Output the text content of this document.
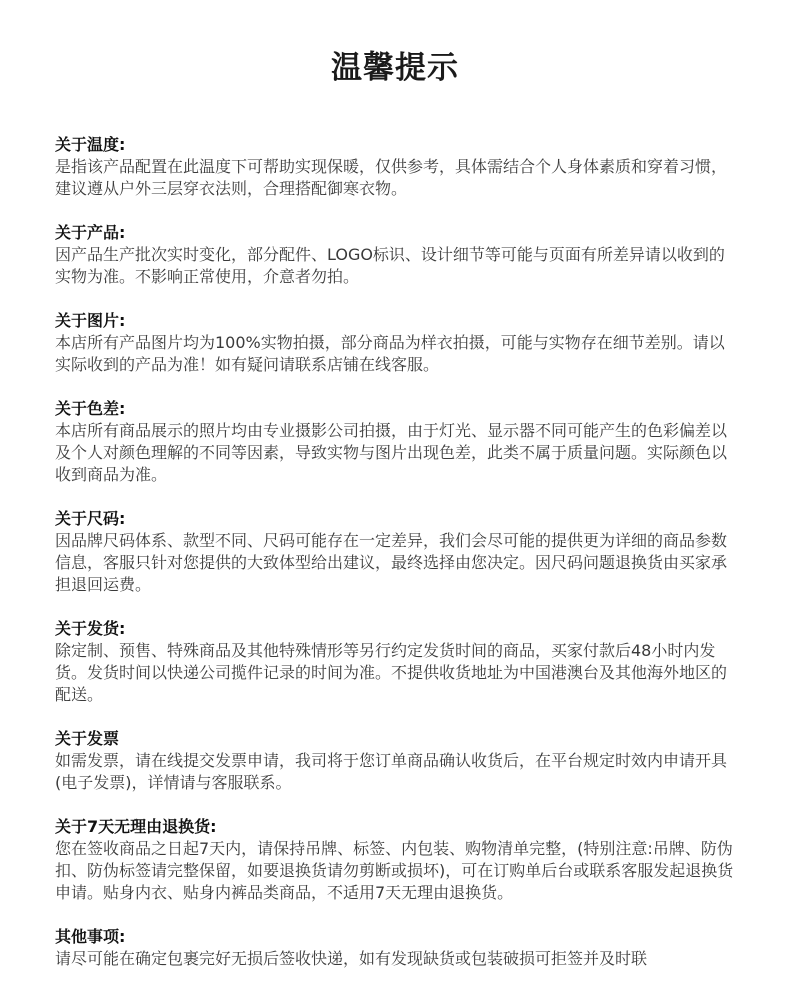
温馨提示
关于温度:

是指该产品配置在此温度下可帮助实现保暖，仅供参考，具体需结合个人身体素质和穿着习惯，建议遵从户外三层穿衣法则，合理搭配御寒衣物。

关于产品:

因产品生产批次实时变化，部分配件、LOGO标识、设计细节等可能与页面有所差异请以收到的实物为准。不影响正常使用，介意者勿拍。

关于图片:

本店所有产品图片均为100%实物拍摄，部分商品为样衣拍摄，可能与实物存在细节差别。请以实际收到的产品为准！如有疑问请联系店铺在线客服。

关于色差:

本店所有商品展示的照片均由专业摄影公司拍摄，由于灯光、显示器不同可能产生的色彩偏差以及个人对颜色理解的不同等因素，导致实物与图片出现色差，此类不属于质量问题。实际颜色以收到商品为准。

关于尺码:

因品牌尺码体系、款型不同、尺码可能存在一定差异，我们会尽可能的提供更为详细的商品参数信息，客服只针对您提供的大致体型给出建议，最终选择由您决定。因尺码问题退换货由买家承担退回运费。

关于发货:

除定制、预售、特殊商品及其他特殊情形等另行约定发货时间的商品，买家付款后48小时内发货。发货时间以快递公司揽件记录的时间为准。不提供收货地址为中国港澳台及其他海外地区的配送。

关于发票

如需发票，请在线提交发票申请，我司将于您订单商品确认收货后，在平台规定时效内申请开具(电子发票)，详情请与客服联系。

关于7天无理由退换货:

您在签收商品之日起7天内，请保持吊牌、标签、内包装、购物清单完整，(特别注意:吊牌、防伪扣、防伪标签请完整保留，如要退换货请勿剪断或损坏)，可在订购单后台或联系客服发起退换货申请。贴身内衣、贴身内裤品类商品，不适用7天无理由退换货。

其他事项:

请尽可能在确定包裹完好无损后签收快递，如有发现缺货或包装破损可拒签并及时联
